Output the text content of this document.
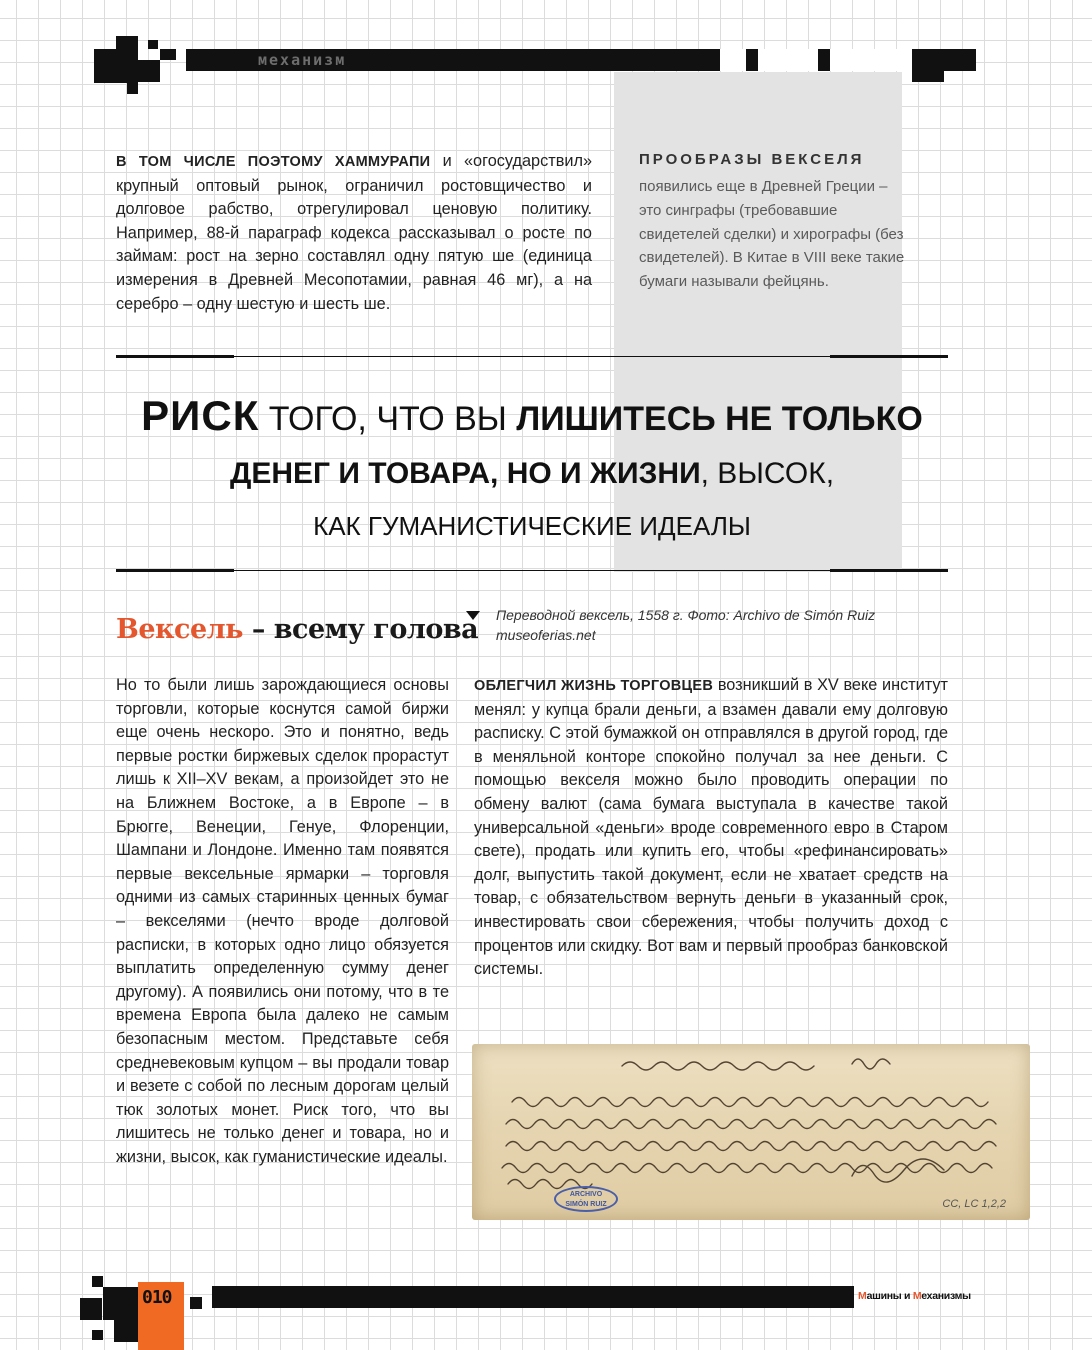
механизм

В ТОМ ЧИСЛЕ ПОЭТОМУ ХАММУРАПИ и «огосударствил» крупный оптовый рынок, ограничил ростовщичество и долговое рабство, отрегулировал ценовую политику. Например, 88-й параграф кодекса рассказывал о росте по займам: рост на зерно составлял одну пятую ше (единица измерения в Древней Месопотамии, равная 46 мг), а на серебро – одну шестую и шесть ше.

ПРООБРАЗЫ ВЕКСЕЛЯ

появились еще в Древней Греции – это синграфы (требовавшие свидетелей сделки) и хирографы (без свидетелей). В Китае в VIII веке такие бумаги называли фейцянь.

РИСК ТОГО, ЧТО ВЫ ЛИШИТЕСЬ НЕ ТОЛЬКО
ДЕНЕГ И ТОВАРА, НО И ЖИЗНИ, ВЫСОК,
КАК ГУМАНИСТИЧЕСКИЕ ИДЕАЛЫ
Вексель – всему голова Переводной вексель, 1558 г. Фото: Archivo de Simón Ruiz
museoferias.net

Но то были лишь зарождающиеся основы торговли, которые коснутся самой биржи еще очень нескоро. Это и понятно, ведь первые ростки биржевых сделок прорастут лишь к XII–XV векам, а произойдет это не на Ближнем Востоке, а в Европе – в Брюгге, Венеции, Генуе, Флоренции, Шампани и Лондоне. Именно там появятся первые вексельные ярмарки – торговля одними из самых старинных ценных бумаг – векселями (нечто вроде долговой расписки, в которых одно лицо обязуется выплатить определенную сумму денег другому). А появились они потому, что в те времена Европа была далеко не самым безопасным местом. Представьте себя средневековым купцом – вы продали товар и везете с собой по лесным дорогам целый тюк золотых монет. Риск того, что вы лишитесь не только денег и товара, но и жизни, высок, как гуманистические идеалы.

ОБЛЕГЧИЛ ЖИЗНЬ ТОРГОВЦЕВ возникший в XV веке институт менял: у купца брали деньги, а взамен давали ему долговую расписку. С этой бумажкой он отправлялся в другой город, где в меняльной конторе спокойно получал за нее деньги. С помощью векселя можно было проводить операции по обмену валют (сама бумага выступала в качестве такой универсальной «деньги» вроде современного евро в Старом свете), продать или купить его, чтобы «рефинансировать» долг, выпустить такой документ, если не хватает средств на товар, с обязательством вернуть деньги в указанный срок, инвестировать свои сбережения, чтобы получить доход с процентов или скидку. Вот вам и первый прообраз банковской системы.

ARCHIVO
SIMÓN RUIZ	CC, LC 1,2,2
010	Машины и Механизмы
